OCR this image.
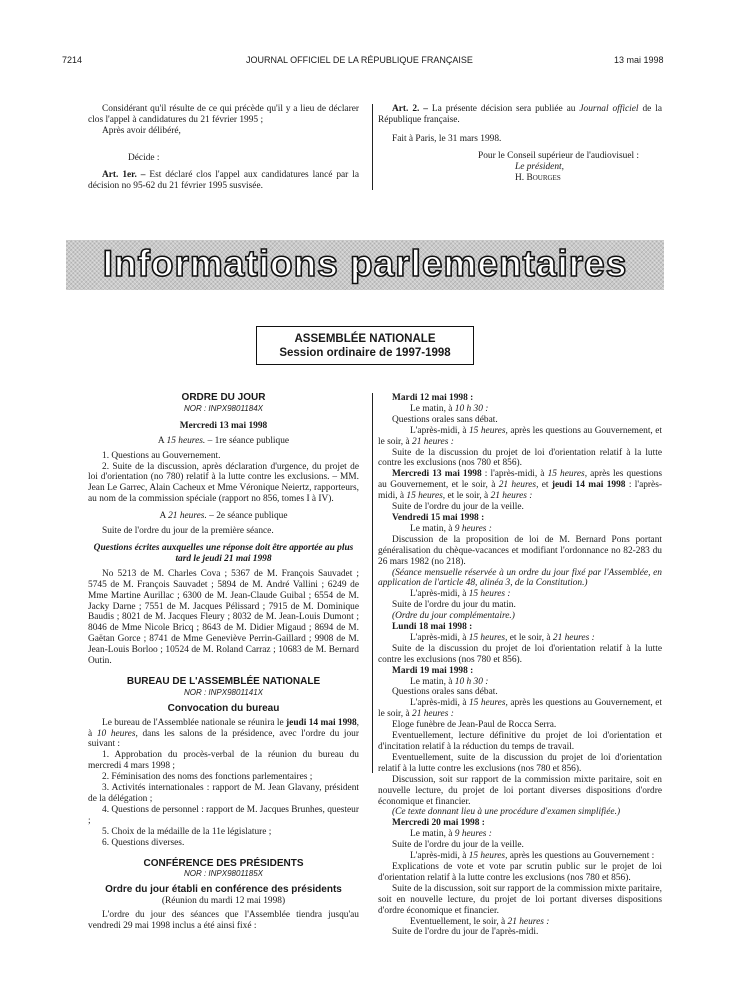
7214	JOURNAL OFFICIEL DE LA RÉPUBLIQUE FRANÇAISE	13 mai 1998

Considérant qu'il résulte de ce qui précède qu'il y a lieu de déclarer clos l'appel à candidatures du 21 février 1995 ;

Après avoir délibéré,

Décide :

Art. 1er. – Est déclaré clos l'appel aux candidatures lancé par la décision no 95-62 du 21 février 1995 susvisée.

Art. 2. – La présente décision sera publiée au Journal officiel de la République française.

Fait à Paris, le 31 mars 1998.

Pour le Conseil supérieur de l'audiovisuel :

Le président,

H. Bourges

Informations parlementaires
ASSEMBLÉE NATIONALE
Session ordinaire de 1997-1998

ORDRE DU JOUR

NOR : INPX9801184X

Mercredi 13 mai 1998

A 15 heures. – 1re séance publique

1. Questions au Gouvernement.

2. Suite de la discussion, après déclaration d'urgence, du projet de loi d'orientation (no 780) relatif à la lutte contre les exclusions. – MM. Jean Le Garrec, Alain Cacheux et Mme Véronique Neiertz, rapporteurs, au nom de la commission spéciale (rapport no 856, tomes I à IV).

A 21 heures. – 2e séance publique

Suite de l'ordre du jour de la première séance.

Questions écrites auxquelles une réponse doit être apportée au plus tard le jeudi 21 mai 1998

No 5213 de M. Charles Cova ; 5367 de M. François Sauvadet ; 5745 de M. François Sauvadet ; 5894 de M. André Vallini ; 6249 de Mme Martine Aurillac ; 6300 de M. Jean-Claude Guibal ; 6554 de M. Jacky Darne ; 7551 de M. Jacques Pélissard ; 7915 de M. Dominique Baudis ; 8021 de M. Jacques Fleury ; 8032 de M. Jean-Louis Dumont ; 8046 de Mme Nicole Bricq ; 8643 de M. Didier Migaud ; 8694 de M. Gaëtan Gorce ; 8741 de Mme Geneviève Perrin-Gaillard ; 9908 de M. Jean-Louis Borloo ; 10524 de M. Roland Carraz ; 10683 de M. Bernard Outin.

BUREAU DE L'ASSEMBLÉE NATIONALE

NOR : INPX9801141X

Convocation du bureau

Le bureau de l'Assemblée nationale se réunira le jeudi 14 mai 1998, à 10 heures, dans les salons de la présidence, avec l'ordre du jour suivant :

1. Approbation du procès-verbal de la réunion du bureau du mercredi 4 mars 1998 ;

2. Féminisation des noms des fonctions parlementaires ;

3. Activités internationales : rapport de M. Jean Glavany, président de la délégation ;

4. Questions de personnel : rapport de M. Jacques Brunhes, questeur ;

5. Choix de la médaille de la 11e législature ;

6. Questions diverses.

CONFÉRENCE DES PRÉSIDENTS

NOR : INPX9801185X

Ordre du jour établi en conférence des présidents

(Réunion du mardi 12 mai 1998)

L'ordre du jour des séances que l'Assemblée tiendra jusqu'au vendredi 29 mai 1998 inclus a été ainsi fixé :

Mardi 12 mai 1998 :

Le matin, à 10 h 30 :

Questions orales sans débat.

L'après-midi, à 15 heures, après les questions au Gouvernement, et le soir, à 21 heures :

Suite de la discussion du projet de loi d'orientation relatif à la lutte contre les exclusions (nos 780 et 856).

Mercredi 13 mai 1998 : l'après-midi, à 15 heures, après les questions au Gouvernement, et le soir, à 21 heures, et jeudi 14 mai 1998 : l'après-midi, à 15 heures, et le soir, à 21 heures :

Suite de l'ordre du jour de la veille.

Vendredi 15 mai 1998 :

Le matin, à 9 heures :

Discussion de la proposition de loi de M. Bernard Pons portant généralisation du chèque-vacances et modifiant l'ordonnance no 82-283 du 26 mars 1982 (no 218).

(Séance mensuelle réservée à un ordre du jour fixé par l'Assemblée, en application de l'article 48, alinéa 3, de la Constitution.)

L'après-midi, à 15 heures :

Suite de l'ordre du jour du matin.

(Ordre du jour complémentaire.)

Lundi 18 mai 1998 :

L'après-midi, à 15 heures, et le soir, à 21 heures :

Suite de la discussion du projet de loi d'orientation relatif à la lutte contre les exclusions (nos 780 et 856).

Mardi 19 mai 1998 :

Le matin, à 10 h 30 :

Questions orales sans débat.

L'après-midi, à 15 heures, après les questions au Gouvernement, et le soir, à 21 heures :

Eloge funèbre de Jean-Paul de Rocca Serra.

Eventuellement, lecture définitive du projet de loi d'orientation et d'incitation relatif à la réduction du temps de travail.

Eventuellement, suite de la discussion du projet de loi d'orientation relatif à la lutte contre les exclusions (nos 780 et 856).

Discussion, soit sur rapport de la commission mixte paritaire, soit en nouvelle lecture, du projet de loi portant diverses dispositions d'ordre économique et financier.

(Ce texte donnant lieu à une procédure d'examen simplifiée.)

Mercredi 20 mai 1998 :

Le matin, à 9 heures :

Suite de l'ordre du jour de la veille.

L'après-midi, à 15 heures, après les questions au Gouvernement :

Explications de vote et vote par scrutin public sur le projet de loi d'orientation relatif à la lutte contre les exclusions (nos 780 et 856).

Suite de la discussion, soit sur rapport de la commission mixte paritaire, soit en nouvelle lecture, du projet de loi portant diverses dispositions d'ordre économique et financier.

Eventuellement, le soir, à 21 heures :

Suite de l'ordre du jour de l'après-midi.
